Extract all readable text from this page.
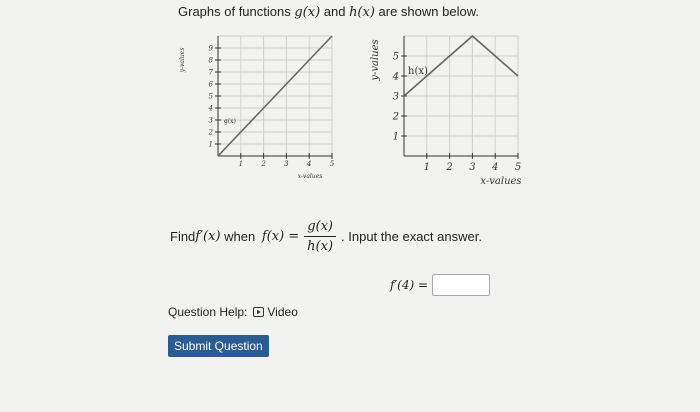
Graphs of functions g(x) and h(x) are shown below.
1	2	3	4	5
1
2
3
4
5
6
7
8
9
g(x)
x-values
y-values
1 2 3 4 5
1
2
3
4
5
h(x)
x-values
y-values
Find f′(x) when $f(x) = \frac{g(x)}{h(x)}$ . Input the exact answer.
f′(4) =
Question Help: Video
Submit Question
